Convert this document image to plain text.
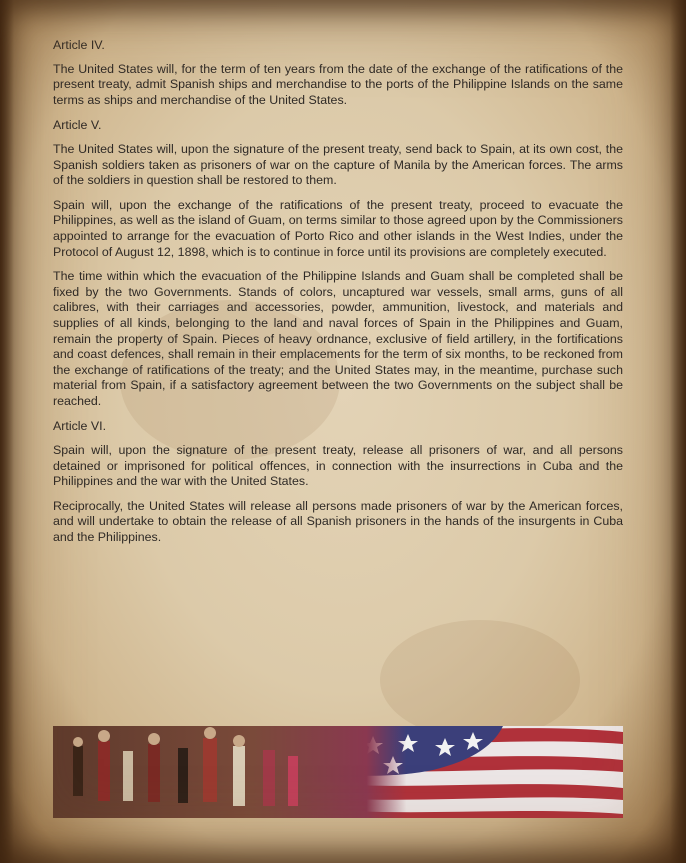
Article IV.

The United States will, for the term of ten years from the date of the exchange of the ratifications of the present treaty, admit Spanish ships and merchandise to the ports of the Philippine Islands on the same terms as ships and merchandise of the United States.

Article V.

The United States will, upon the signature of the present treaty, send back to Spain, at its own cost, the Spanish soldiers taken as prisoners of war on the capture of Manila by the American forces. The arms of the soldiers in question shall be restored to them.

Spain will, upon the exchange of the ratifications of the present treaty, proceed to evacuate the Philippines, as well as the island of Guam, on terms similar to those agreed upon by the Commissioners appointed to arrange for the evacuation of Porto Rico and other islands in the West Indies, under the Protocol of August 12, 1898, which is to continue in force until its provisions are completely executed.

The time within which the evacuation of the Philippine Islands and Guam shall be completed shall be fixed by the two Governments. Stands of colors, uncaptured war vessels, small arms, guns of all calibres, with their carriages and accessories, powder, ammunition, livestock, and materials and supplies of all kinds, belonging to the land and naval forces of Spain in the Philippines and Guam, remain the property of Spain. Pieces of heavy ordnance, exclusive of field artillery, in the fortifications and coast defences, shall remain in their emplacements for the term of six months, to be reckoned from the exchange of ratifications of the treaty; and the United States may, in the meantime, purchase such material from Spain, if a satisfactory agreement between the two Governments on the subject shall be reached.

Article VI.

Spain will, upon the signature of the present treaty, release all prisoners of war, and all persons detained or imprisoned for political offences, in connection with the insurrections in Cuba and the Philippines and the war with the United States.

Reciprocally, the United States will release all persons made prisoners of war by the American forces, and will undertake to obtain the release of all Spanish prisoners in the hands of the insurgents in Cuba and the Philippines.
